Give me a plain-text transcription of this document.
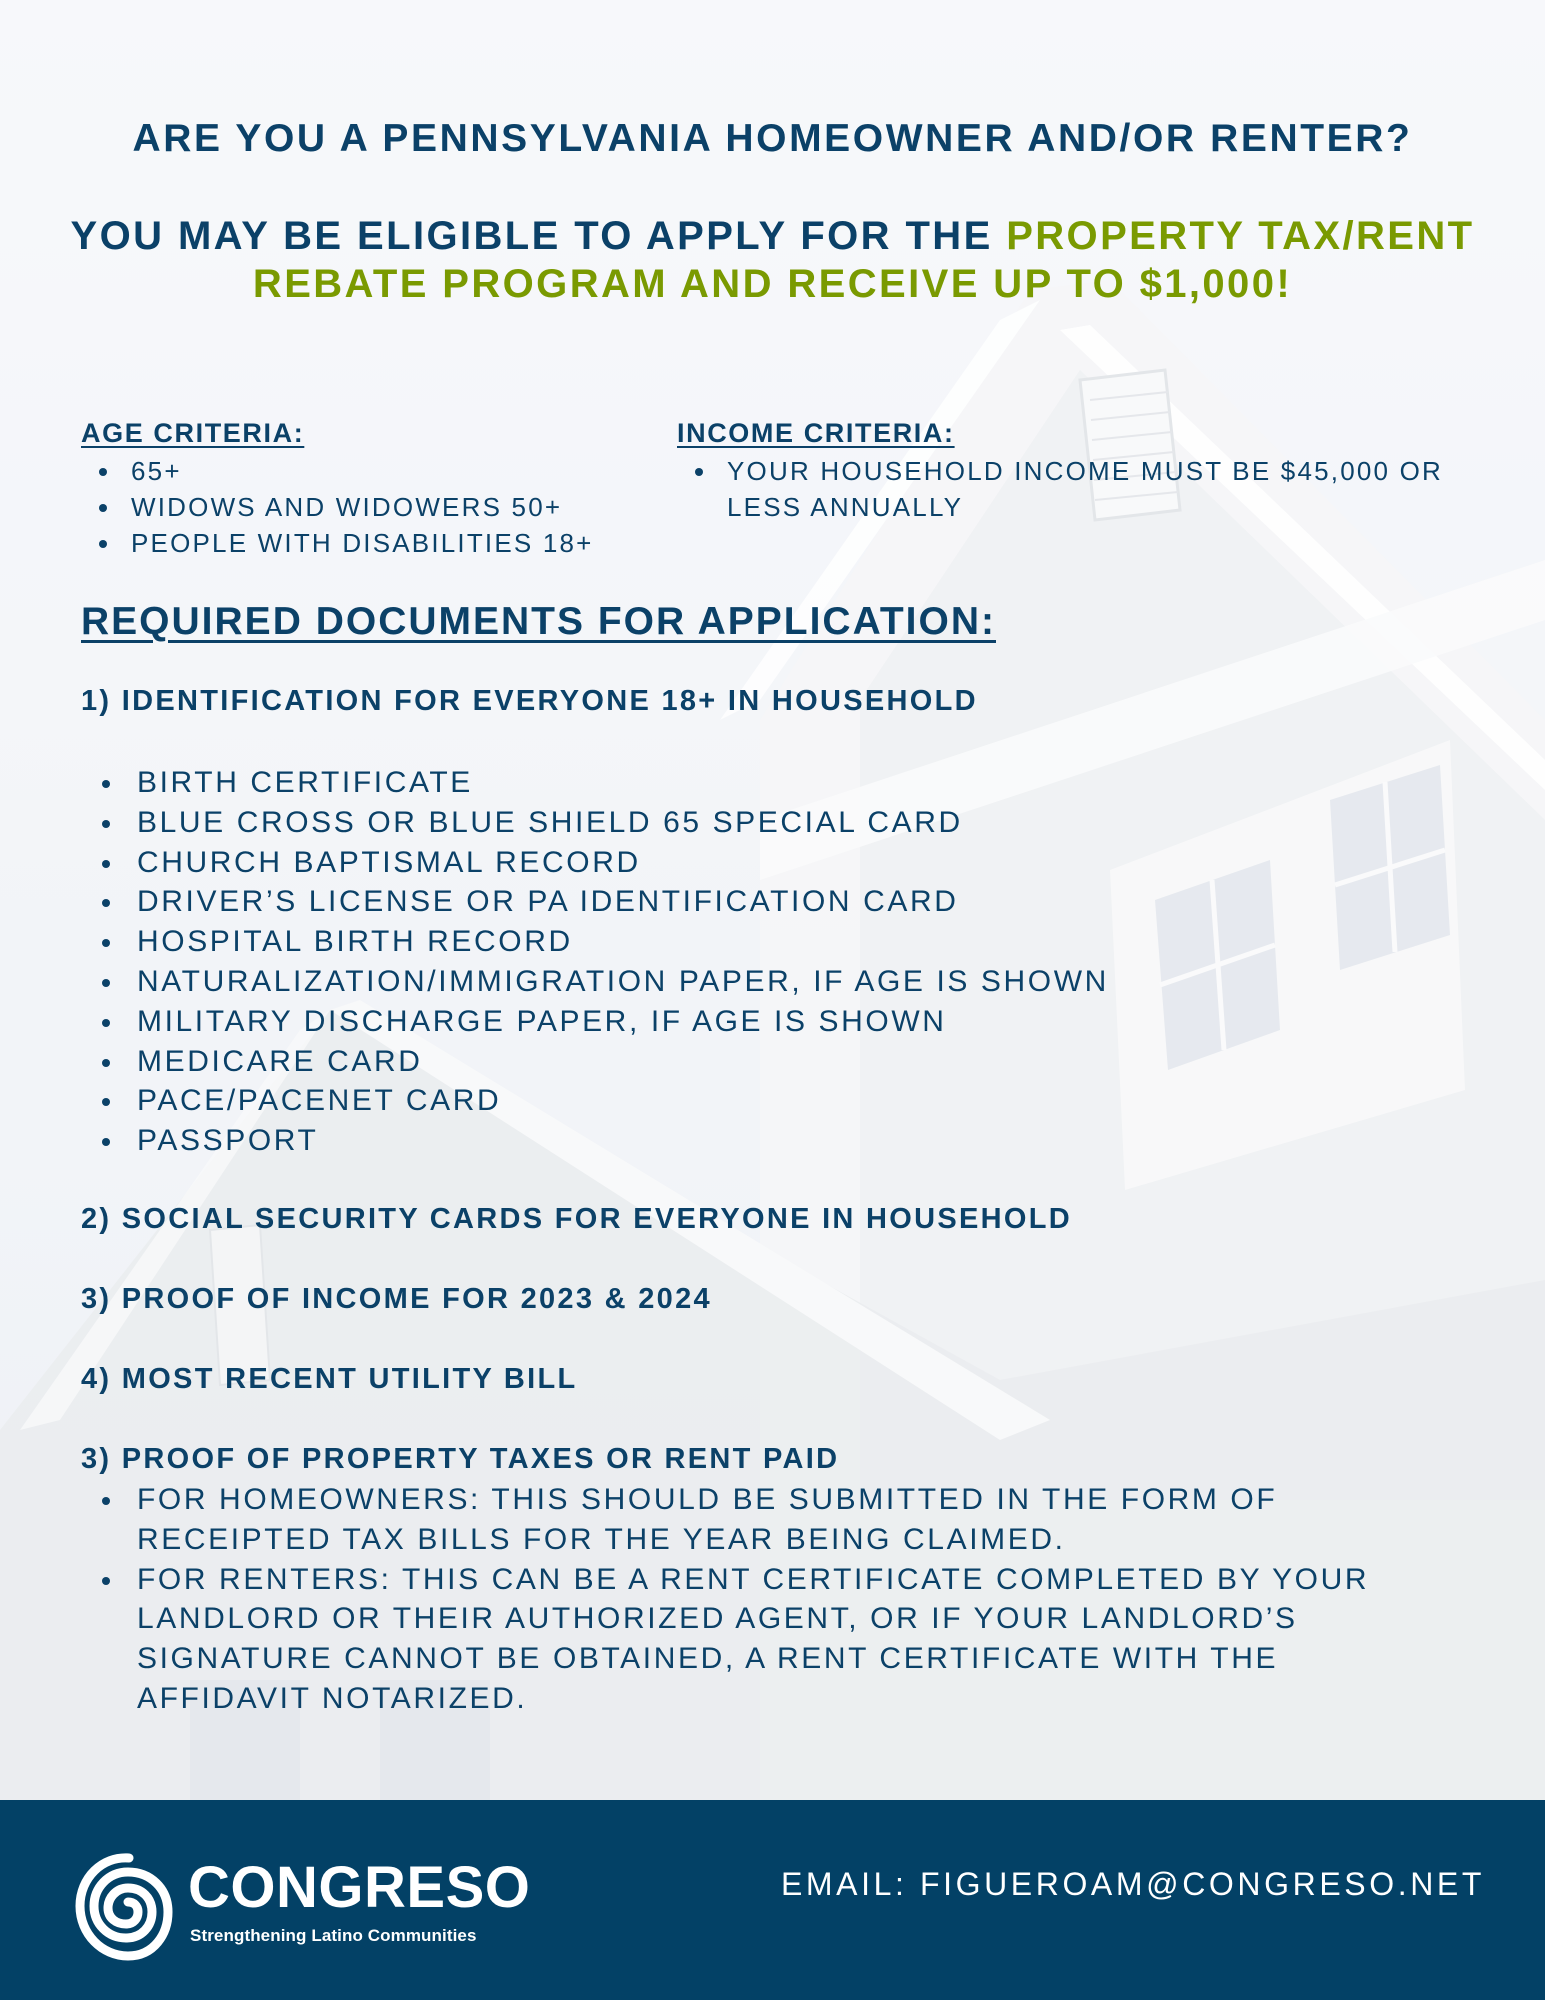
ARE YOU A PENNSYLVANIA HOMEOWNER AND/OR RENTER?
YOU MAY BE ELIGIBLE TO APPLY FOR THE PROPERTY TAX/RENT REBATE PROGRAM AND RECEIVE UP TO $1,000!
AGE CRITERIA:
65+
WIDOWS AND WIDOWERS 50+
PEOPLE WITH DISABILITIES 18+
INCOME CRITERIA:
YOUR HOUSEHOLD INCOME MUST BE $45,000 OR LESS ANNUALLY
REQUIRED DOCUMENTS FOR APPLICATION:
1) IDENTIFICATION FOR EVERYONE 18+ IN HOUSEHOLD
BIRTH CERTIFICATE
BLUE CROSS OR BLUE SHIELD 65 SPECIAL CARD
CHURCH BAPTISMAL RECORD
DRIVER’S LICENSE OR PA IDENTIFICATION CARD
HOSPITAL BIRTH RECORD
NATURALIZATION/IMMIGRATION PAPER, IF AGE IS SHOWN
MILITARY DISCHARGE PAPER, IF AGE IS SHOWN
MEDICARE CARD
PACE/PACENET CARD
PASSPORT
2) SOCIAL SECURITY CARDS FOR EVERYONE IN HOUSEHOLD
3) PROOF OF INCOME FOR 2023 & 2024
4) MOST RECENT UTILITY BILL
3) PROOF OF PROPERTY TAXES OR RENT PAID
FOR HOMEOWNERS: THIS SHOULD BE SUBMITTED IN THE FORM OF RECEIPTED TAX BILLS FOR THE YEAR BEING CLAIMED.
FOR RENTERS: THIS CAN BE A RENT CERTIFICATE COMPLETED BY YOUR LANDLORD OR THEIR AUTHORIZED AGENT, OR IF YOUR LANDLORD’S SIGNATURE CANNOT BE OBTAINED, A RENT CERTIFICATE WITH THE AFFIDAVIT NOTARIZED.
CONGRESO
Strengthening Latino Communities
EMAIL: FIGUEROAM@CONGRESO.NET
